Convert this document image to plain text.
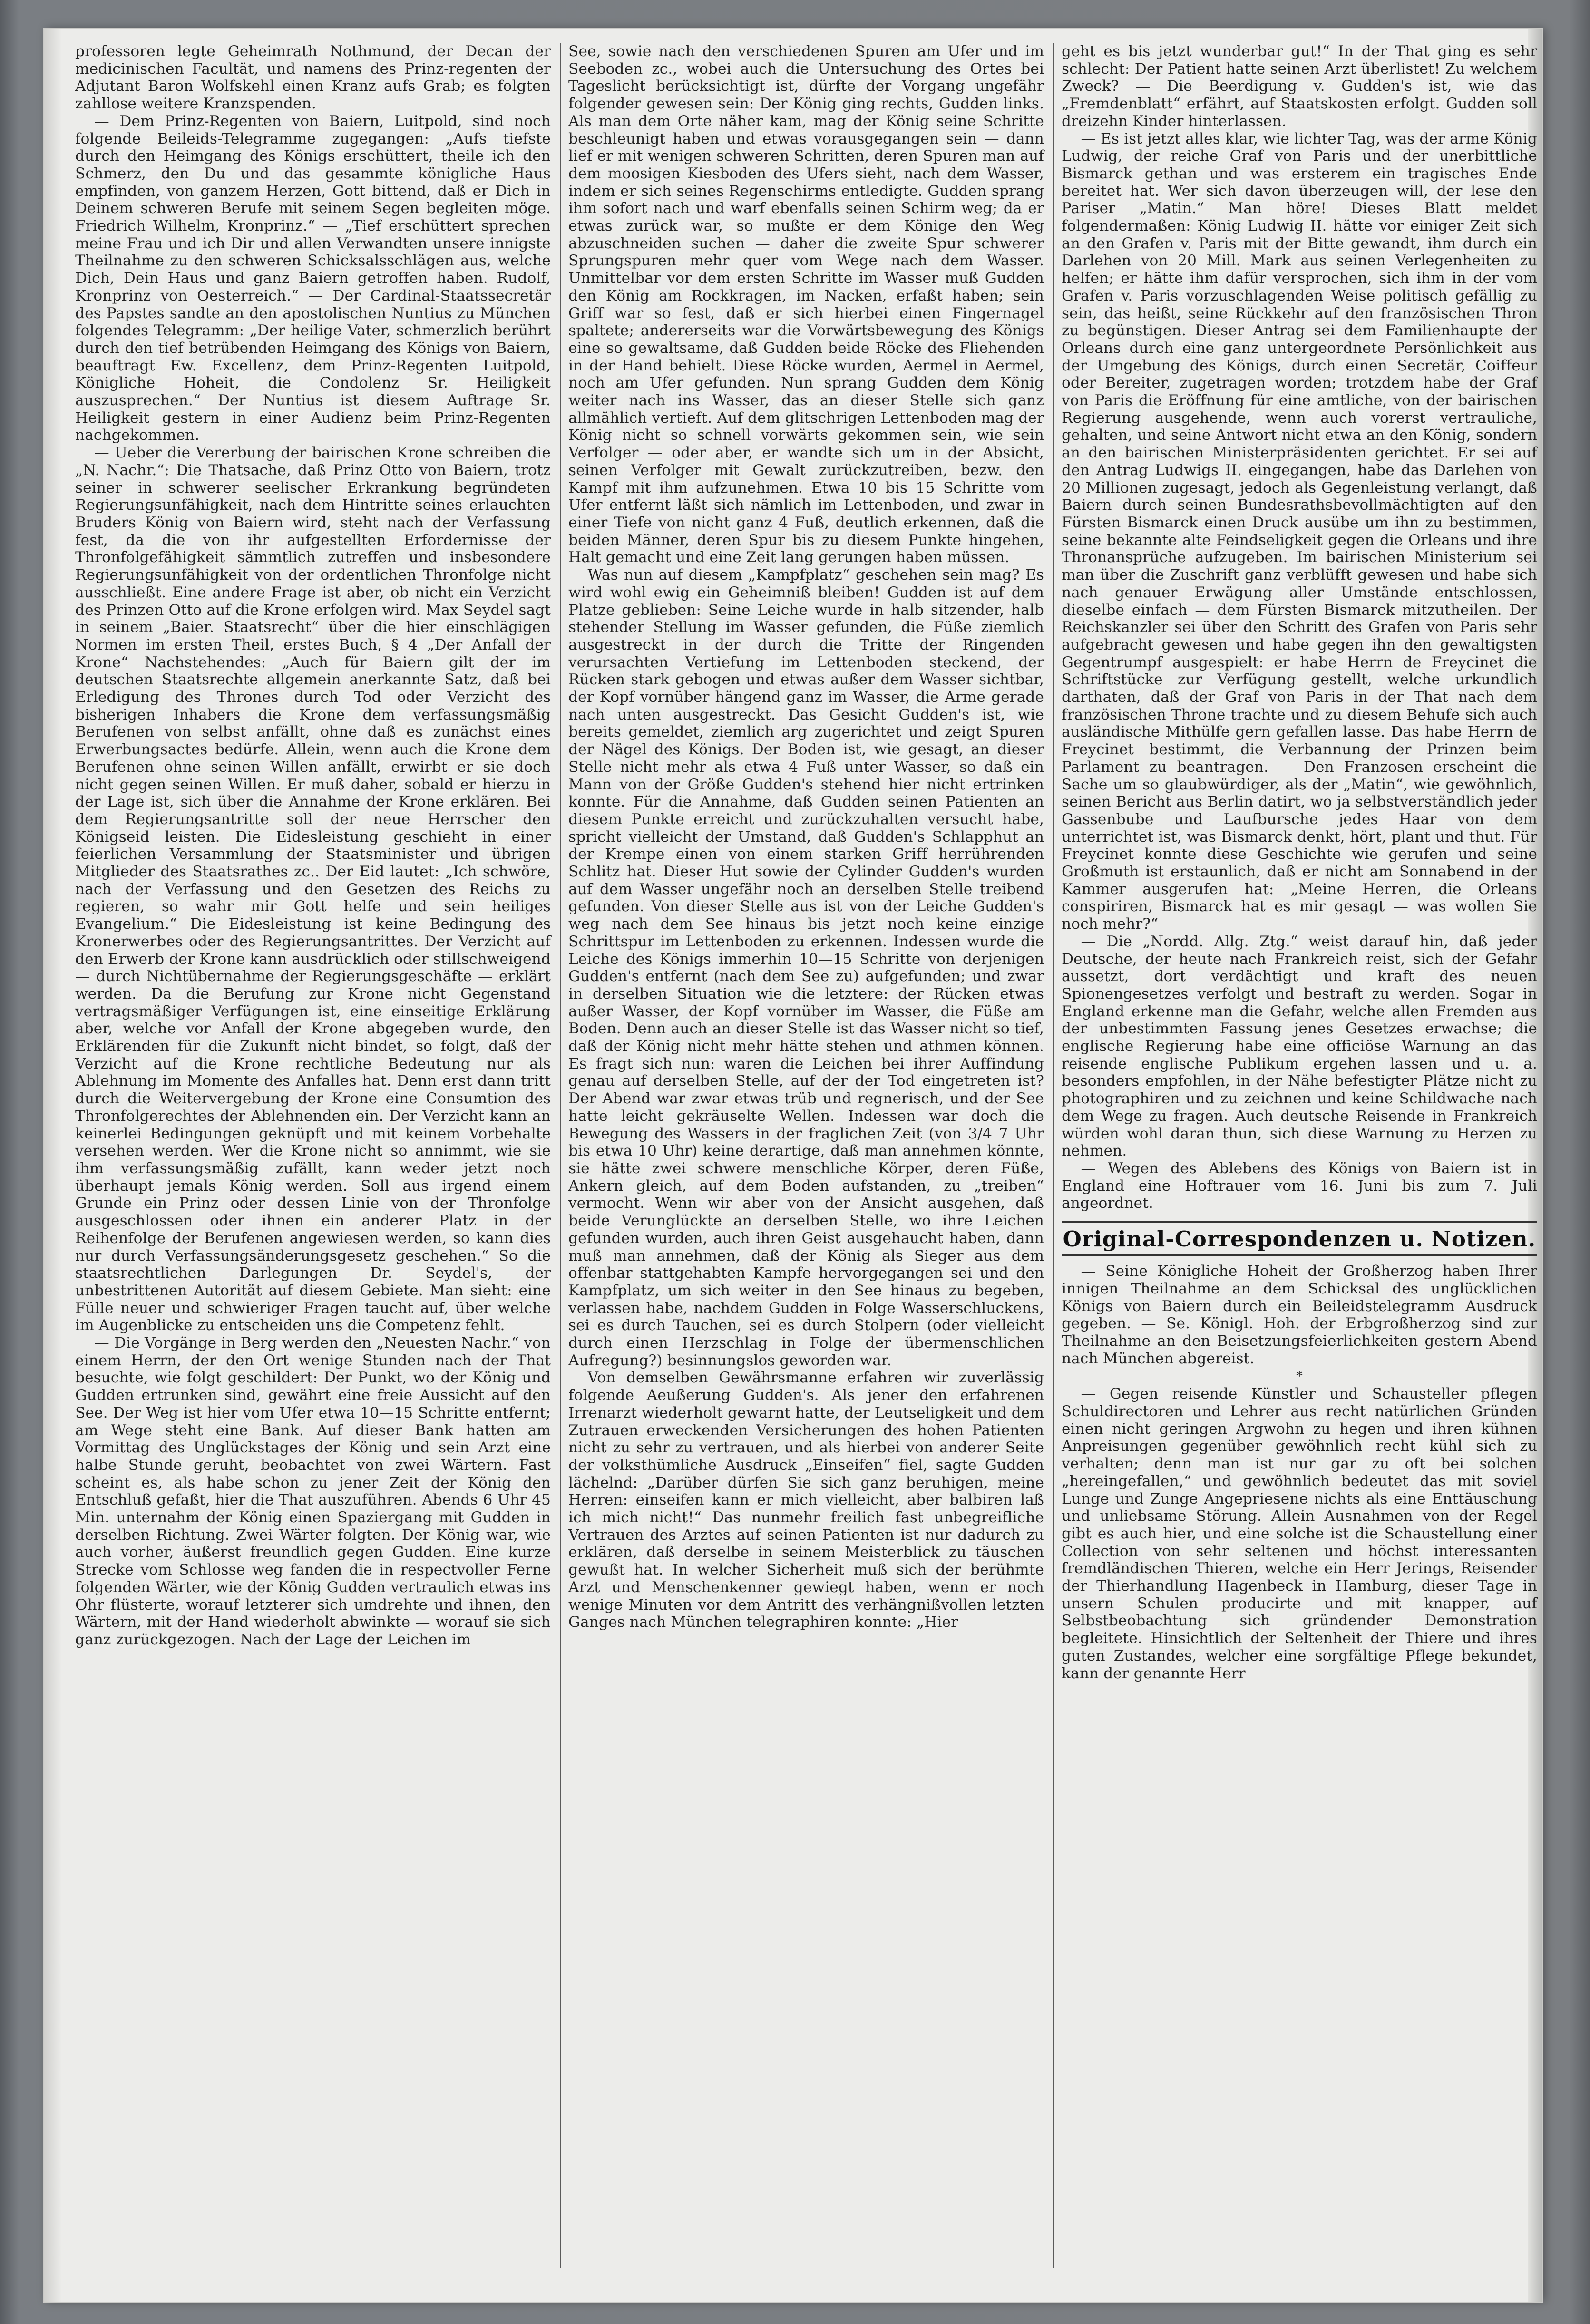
professoren legte Geheimrath Nothmund, der Decan der medicinischen Facultät, und namens des Prinz-regenten der Adjutant Baron Wolfskehl einen Kranz aufs Grab; es folgten zahllose weitere Kranzspenden.

— Dem Prinz-Regenten von Baiern, Luitpold, sind noch folgende Beileids-Telegramme zugegangen: „Aufs tiefste durch den Heimgang des Königs erschüttert, theile ich den Schmerz, den Du und das gesammte königliche Haus empfinden, von ganzem Herzen, Gott bittend, daß er Dich in Deinem schweren Berufe mit seinem Segen begleiten möge. Friedrich Wilhelm, Kronprinz.“ — „Tief erschüttert sprechen meine Frau und ich Dir und allen Verwandten unsere innigste Theilnahme zu den schweren Schicksalsschlägen aus, welche Dich, Dein Haus und ganz Baiern getroffen haben. Rudolf, Kronprinz von Oesterreich.“ — Der Cardinal-Staatssecretär des Papstes sandte an den apostolischen Nuntius zu München folgendes Telegramm: „Der heilige Vater, schmerzlich berührt durch den tief betrübenden Heimgang des Königs von Baiern, beauftragt Ew. Excellenz, dem Prinz-Regenten Luitpold, Königliche Hoheit, die Condolenz Sr. Heiligkeit auszusprechen.“ Der Nuntius ist diesem Auftrage Sr. Heiligkeit gestern in einer Audienz beim Prinz-Regenten nachgekommen.

— Ueber die Vererbung der bairischen Krone schreiben die „N. Nachr.“: Die Thatsache, daß Prinz Otto von Baiern, trotz seiner in schwerer seelischer Erkrankung begründeten Regierungsunfähigkeit, nach dem Hintritte seines erlauchten Bruders König von Baiern wird, steht nach der Verfassung fest, da die von ihr aufgestellten Erfordernisse der Thronfolgefähigkeit sämmtlich zutreffen und insbesondere Regierungsunfähigkeit von der ordentlichen Thronfolge nicht ausschließt. Eine andere Frage ist aber, ob nicht ein Verzicht des Prinzen Otto auf die Krone erfolgen wird. Max Seydel sagt in seinem „Baier. Staatsrecht“ über die hier einschlägigen Normen im ersten Theil, erstes Buch, § 4 „Der Anfall der Krone“ Nachstehendes: „Auch für Baiern gilt der im deutschen Staatsrechte allgemein anerkannte Satz, daß bei Erledigung des Thrones durch Tod oder Verzicht des bisherigen Inhabers die Krone dem verfassungsmäßig Berufenen von selbst anfällt, ohne daß es zunächst eines Erwerbungsactes bedürfe. Allein, wenn auch die Krone dem Berufenen ohne seinen Willen anfällt, erwirbt er sie doch nicht gegen seinen Willen. Er muß daher, sobald er hierzu in der Lage ist, sich über die Annahme der Krone erklären. Bei dem Regierungsantritte soll der neue Herrscher den Königseid leisten. Die Eidesleistung geschieht in einer feierlichen Versammlung der Staatsminister und übrigen Mitglieder des Staatsrathes zc.. Der Eid lautet: „Ich schwöre, nach der Verfassung und den Gesetzen des Reichs zu regieren, so wahr mir Gott helfe und sein heiliges Evangelium.“ Die Eidesleistung ist keine Bedingung des Kronerwerbes oder des Regierungsantrittes. Der Verzicht auf den Erwerb der Krone kann ausdrücklich oder stillschweigend — durch Nichtübernahme der Regierungsgeschäfte — erklärt werden. Da die Berufung zur Krone nicht Gegenstand vertragsmäßiger Verfügungen ist, eine einseitige Erklärung aber, welche vor Anfall der Krone abgegeben wurde, den Erklärenden für die Zukunft nicht bindet, so folgt, daß der Verzicht auf die Krone rechtliche Bedeutung nur als Ablehnung im Momente des Anfalles hat. Denn erst dann tritt durch die Weitervergebung der Krone eine Consumtion des Thronfolgerechtes der Ablehnenden ein. Der Verzicht kann an keinerlei Bedingungen geknüpft und mit keinem Vorbehalte versehen werden. Wer die Krone nicht so annimmt, wie sie ihm verfassungsmäßig zufällt, kann weder jetzt noch überhaupt jemals König werden. Soll aus irgend einem Grunde ein Prinz oder dessen Linie von der Thronfolge ausgeschlossen oder ihnen ein anderer Platz in der Reihenfolge der Berufenen angewiesen werden, so kann dies nur durch Verfassungsänderungsgesetz geschehen.“ So die staatsrechtlichen Darlegungen Dr. Seydel's, der unbestrittenen Autorität auf diesem Gebiete. Man sieht: eine Fülle neuer und schwieriger Fragen taucht auf, über welche im Augenblicke zu entscheiden uns die Competenz fehlt.

— Die Vorgänge in Berg werden den „Neuesten Nachr.“ von einem Herrn, der den Ort wenige Stunden nach der That besuchte, wie folgt geschildert: Der Punkt, wo der König und Gudden ertrunken sind, gewährt eine freie Aussicht auf den See. Der Weg ist hier vom Ufer etwa 10—15 Schritte entfernt; am Wege steht eine Bank. Auf dieser Bank hatten am Vormittag des Unglückstages der König und sein Arzt eine halbe Stunde geruht, beobachtet von zwei Wärtern. Fast scheint es, als habe schon zu jener Zeit der König den Entschluß gefaßt, hier die That auszuführen. Abends 6 Uhr 45 Min. unternahm der König einen Spaziergang mit Gudden in derselben Richtung. Zwei Wärter folgten. Der König war, wie auch vorher, äußerst freundlich gegen Gudden. Eine kurze Strecke vom Schlosse weg fanden die in respectvoller Ferne folgenden Wärter, wie der König Gudden vertraulich etwas ins Ohr flüsterte, worauf letzterer sich umdrehte und ihnen, den Wärtern, mit der Hand wiederholt abwinkte — worauf sie sich ganz zurückgezogen. Nach der Lage der Leichen im

See, sowie nach den verschiedenen Spuren am Ufer und im Seeboden zc., wobei auch die Untersuchung des Ortes bei Tageslicht berücksichtigt ist, dürfte der Vorgang ungefähr folgender gewesen sein: Der König ging rechts, Gudden links. Als man dem Orte näher kam, mag der König seine Schritte beschleunigt haben und etwas vorausgegangen sein — dann lief er mit wenigen schweren Schritten, deren Spuren man auf dem moosigen Kiesboden des Ufers sieht, nach dem Wasser, indem er sich seines Regenschirms entledigte. Gudden sprang ihm sofort nach und warf ebenfalls seinen Schirm weg; da er etwas zurück war, so mußte er dem Könige den Weg abzuschneiden suchen — daher die zweite Spur schwerer Sprungspuren mehr quer vom Wege nach dem Wasser. Unmittelbar vor dem ersten Schritte im Wasser muß Gudden den König am Rockkragen, im Nacken, erfaßt haben; sein Griff war so fest, daß er sich hierbei einen Fingernagel spaltete; andererseits war die Vorwärtsbewegung des Königs eine so gewaltsame, daß Gudden beide Röcke des Fliehenden in der Hand behielt. Diese Röcke wurden, Aermel in Aermel, noch am Ufer gefunden. Nun sprang Gudden dem König weiter nach ins Wasser, das an dieser Stelle sich ganz allmählich vertieft. Auf dem glitschrigen Lettenboden mag der König nicht so schnell vorwärts gekommen sein, wie sein Verfolger — oder aber, er wandte sich um in der Absicht, seinen Verfolger mit Gewalt zurückzutreiben, bezw. den Kampf mit ihm aufzunehmen. Etwa 10 bis 15 Schritte vom Ufer entfernt läßt sich nämlich im Lettenboden, und zwar in einer Tiefe von nicht ganz 4 Fuß, deutlich erkennen, daß die beiden Männer, deren Spur bis zu diesem Punkte hingehen, Halt gemacht und eine Zeit lang gerungen haben müssen.

Was nun auf diesem „Kampfplatz“ geschehen sein mag? Es wird wohl ewig ein Geheimniß bleiben! Gudden ist auf dem Platze geblieben: Seine Leiche wurde in halb sitzender, halb stehender Stellung im Wasser gefunden, die Füße ziemlich ausgestreckt in der durch die Tritte der Ringenden verursachten Vertiefung im Lettenboden steckend, der Rücken stark gebogen und etwas außer dem Wasser sichtbar, der Kopf vornüber hängend ganz im Wasser, die Arme gerade nach unten ausgestreckt. Das Gesicht Gudden's ist, wie bereits gemeldet, ziemlich arg zugerichtet und zeigt Spuren der Nägel des Königs. Der Boden ist, wie gesagt, an dieser Stelle nicht mehr als etwa 4 Fuß unter Wasser, so daß ein Mann von der Größe Gudden's stehend hier nicht ertrinken konnte. Für die Annahme, daß Gudden seinen Patienten an diesem Punkte erreicht und zurückzuhalten versucht habe, spricht vielleicht der Umstand, daß Gudden's Schlapphut an der Krempe einen von einem starken Griff herrührenden Schlitz hat. Dieser Hut sowie der Cylinder Gudden's wurden auf dem Wasser ungefähr noch an derselben Stelle treibend gefunden. Von dieser Stelle aus ist von der Leiche Gudden's weg nach dem See hinaus bis jetzt noch keine einzige Schrittspur im Lettenboden zu erkennen. Indessen wurde die Leiche des Königs immerhin 10—15 Schritte von derjenigen Gudden's entfernt (nach dem See zu) aufgefunden; und zwar in derselben Situation wie die letztere: der Rücken etwas außer Wasser, der Kopf vornüber im Wasser, die Füße am Boden. Denn auch an dieser Stelle ist das Wasser nicht so tief, daß der König nicht mehr hätte stehen und athmen können. Es fragt sich nun: waren die Leichen bei ihrer Auffindung genau auf derselben Stelle, auf der der Tod eingetreten ist? Der Abend war zwar etwas trüb und regnerisch, und der See hatte leicht gekräuselte Wellen. Indessen war doch die Bewegung des Wassers in der fraglichen Zeit (von 3/4 7 Uhr bis etwa 10 Uhr) keine derartige, daß man annehmen könnte, sie hätte zwei schwere menschliche Körper, deren Füße, Ankern gleich, auf dem Boden aufstanden, zu „treiben“ vermocht. Wenn wir aber von der Ansicht ausgehen, daß beide Verunglückte an derselben Stelle, wo ihre Leichen gefunden wurden, auch ihren Geist ausgehaucht haben, dann muß man annehmen, daß der König als Sieger aus dem offenbar stattgehabten Kampfe hervorgegangen sei und den Kampfplatz, um sich weiter in den See hinaus zu begeben, verlassen habe, nachdem Gudden in Folge Wasserschluckens, sei es durch Tauchen, sei es durch Stolpern (oder vielleicht durch einen Herzschlag in Folge der übermenschlichen Aufregung?) besinnungslos geworden war.

Von demselben Gewährsmanne erfahren wir zuverlässig folgende Aeußerung Gudden's. Als jener den erfahrenen Irrenarzt wiederholt gewarnt hatte, der Leutseligkeit und dem Zutrauen erweckenden Versicherungen des hohen Patienten nicht zu sehr zu vertrauen, und als hierbei von anderer Seite der volksthümliche Ausdruck „Einseifen“ fiel, sagte Gudden lächelnd: „Darüber dürfen Sie sich ganz beruhigen, meine Herren: einseifen kann er mich vielleicht, aber balbiren laß ich mich nicht!“ Das nunmehr freilich fast unbegreifliche Vertrauen des Arztes auf seinen Patienten ist nur dadurch zu erklären, daß derselbe in seinem Meisterblick zu täuschen gewußt hat. In welcher Sicherheit muß sich der berühmte Arzt und Menschenkenner gewiegt haben, wenn er noch wenige Minuten vor dem Antritt des verhängnißvollen letzten Ganges nach München telegraphiren konnte: „Hier

geht es bis jetzt wunderbar gut!“ In der That ging es sehr schlecht: Der Patient hatte seinen Arzt überlistet! Zu welchem Zweck? — Die Beerdigung v. Gudden's ist, wie das „Fremdenblatt“ erfährt, auf Staatskosten erfolgt. Gudden soll dreizehn Kinder hinterlassen.

— Es ist jetzt alles klar, wie lichter Tag, was der arme König Ludwig, der reiche Graf von Paris und der unerbittliche Bismarck gethan und was ersterem ein tragisches Ende bereitet hat. Wer sich davon überzeugen will, der lese den Pariser „Matin.“ Man höre! Dieses Blatt meldet folgendermaßen: König Ludwig II. hätte vor einiger Zeit sich an den Grafen v. Paris mit der Bitte gewandt, ihm durch ein Darlehen von 20 Mill. Mark aus seinen Verlegenheiten zu helfen; er hätte ihm dafür versprochen, sich ihm in der vom Grafen v. Paris vorzuschlagenden Weise politisch gefällig zu sein, das heißt, seine Rückkehr auf den französischen Thron zu begünstigen. Dieser Antrag sei dem Familienhaupte der Orleans durch eine ganz untergeordnete Persönlichkeit aus der Umgebung des Königs, durch einen Secretär, Coiffeur oder Bereiter, zugetragen worden; trotzdem habe der Graf von Paris die Eröffnung für eine amtliche, von der bairischen Regierung ausgehende, wenn auch vorerst vertrauliche, gehalten, und seine Antwort nicht etwa an den König, sondern an den bairischen Ministerpräsidenten gerichtet. Er sei auf den Antrag Ludwigs II. eingegangen, habe das Darlehen von 20 Millionen zugesagt, jedoch als Gegenleistung verlangt, daß Baiern durch seinen Bundesrathsbevollmächtigten auf den Fürsten Bismarck einen Druck ausübe um ihn zu bestimmen, seine bekannte alte Feindseligkeit gegen die Orleans und ihre Thronansprüche aufzugeben. Im bairischen Ministerium sei man über die Zuschrift ganz verblüfft gewesen und habe sich nach genauer Erwägung aller Umstände entschlossen, dieselbe einfach — dem Fürsten Bismarck mitzutheilen. Der Reichskanzler sei über den Schritt des Grafen von Paris sehr aufgebracht gewesen und habe gegen ihn den gewaltigsten Gegentrumpf ausgespielt: er habe Herrn de Freycinet die Schriftstücke zur Verfügung gestellt, welche urkundlich darthaten, daß der Graf von Paris in der That nach dem französischen Throne trachte und zu diesem Behufe sich auch ausländische Mithülfe gern gefallen lasse. Das habe Herrn de Freycinet bestimmt, die Verbannung der Prinzen beim Parlament zu beantragen. — Den Franzosen erscheint die Sache um so glaubwürdiger, als der „Matin“, wie gewöhnlich, seinen Bericht aus Berlin datirt, wo ja selbstverständlich jeder Gassenbube und Laufbursche jedes Haar von dem unterrichtet ist, was Bismarck denkt, hört, plant und thut. Für Freycinet konnte diese Geschichte wie gerufen und seine Großmuth ist erstaunlich, daß er nicht am Sonnabend in der Kammer ausgerufen hat: „Meine Herren, die Orleans conspiriren, Bismarck hat es mir gesagt — was wollen Sie noch mehr?“

— Die „Nordd. Allg. Ztg.“ weist darauf hin, daß jeder Deutsche, der heute nach Frankreich reist, sich der Gefahr aussetzt, dort verdächtigt und kraft des neuen Spionengesetzes verfolgt und bestraft zu werden. Sogar in England erkenne man die Gefahr, welche allen Fremden aus der unbestimmten Fassung jenes Gesetzes erwachse; die englische Regierung habe eine officiöse Warnung an das reisende englische Publikum ergehen lassen und u. a. besonders empfohlen, in der Nähe befestigter Plätze nicht zu photographiren und zu zeichnen und keine Schildwache nach dem Wege zu fragen. Auch deutsche Reisende in Frankreich würden wohl daran thun, sich diese Warnung zu Herzen zu nehmen.

— Wegen des Ablebens des Königs von Baiern ist in England eine Hoftrauer vom 16. Juni bis zum 7. Juli angeordnet.

Original-Correspondenzen u. Notizen.

— Seine Königliche Hoheit der Großherzog haben Ihrer innigen Theilnahme an dem Schicksal des unglücklichen Königs von Baiern durch ein Beileidstelegramm Ausdruck gegeben. — Se. Königl. Hoh. der Erbgroßherzog sind zur Theilnahme an den Beisetzungsfeierlichkeiten gestern Abend nach München abgereist.

*

— Gegen reisende Künstler und Schausteller pflegen Schuldirectoren und Lehrer aus recht natürlichen Gründen einen nicht geringen Argwohn zu hegen und ihren kühnen Anpreisungen gegenüber gewöhnlich recht kühl sich zu verhalten; denn man ist nur gar zu oft bei solchen „hereingefallen,“ und gewöhnlich bedeutet das mit soviel Lunge und Zunge Angepriesene nichts als eine Enttäuschung und unliebsame Störung. Allein Ausnahmen von der Regel gibt es auch hier, und eine solche ist die Schaustellung einer Collection von sehr seltenen und höchst interessanten fremdländischen Thieren, welche ein Herr Jerings, Reisender der Thierhandlung Hagenbeck in Hamburg, dieser Tage in unsern Schulen producirte und mit knapper, auf Selbstbeobachtung sich gründender Demonstration begleitete. Hinsichtlich der Seltenheit der Thiere und ihres guten Zustandes, welcher eine sorgfältige Pflege bekundet, kann der genannte Herr
